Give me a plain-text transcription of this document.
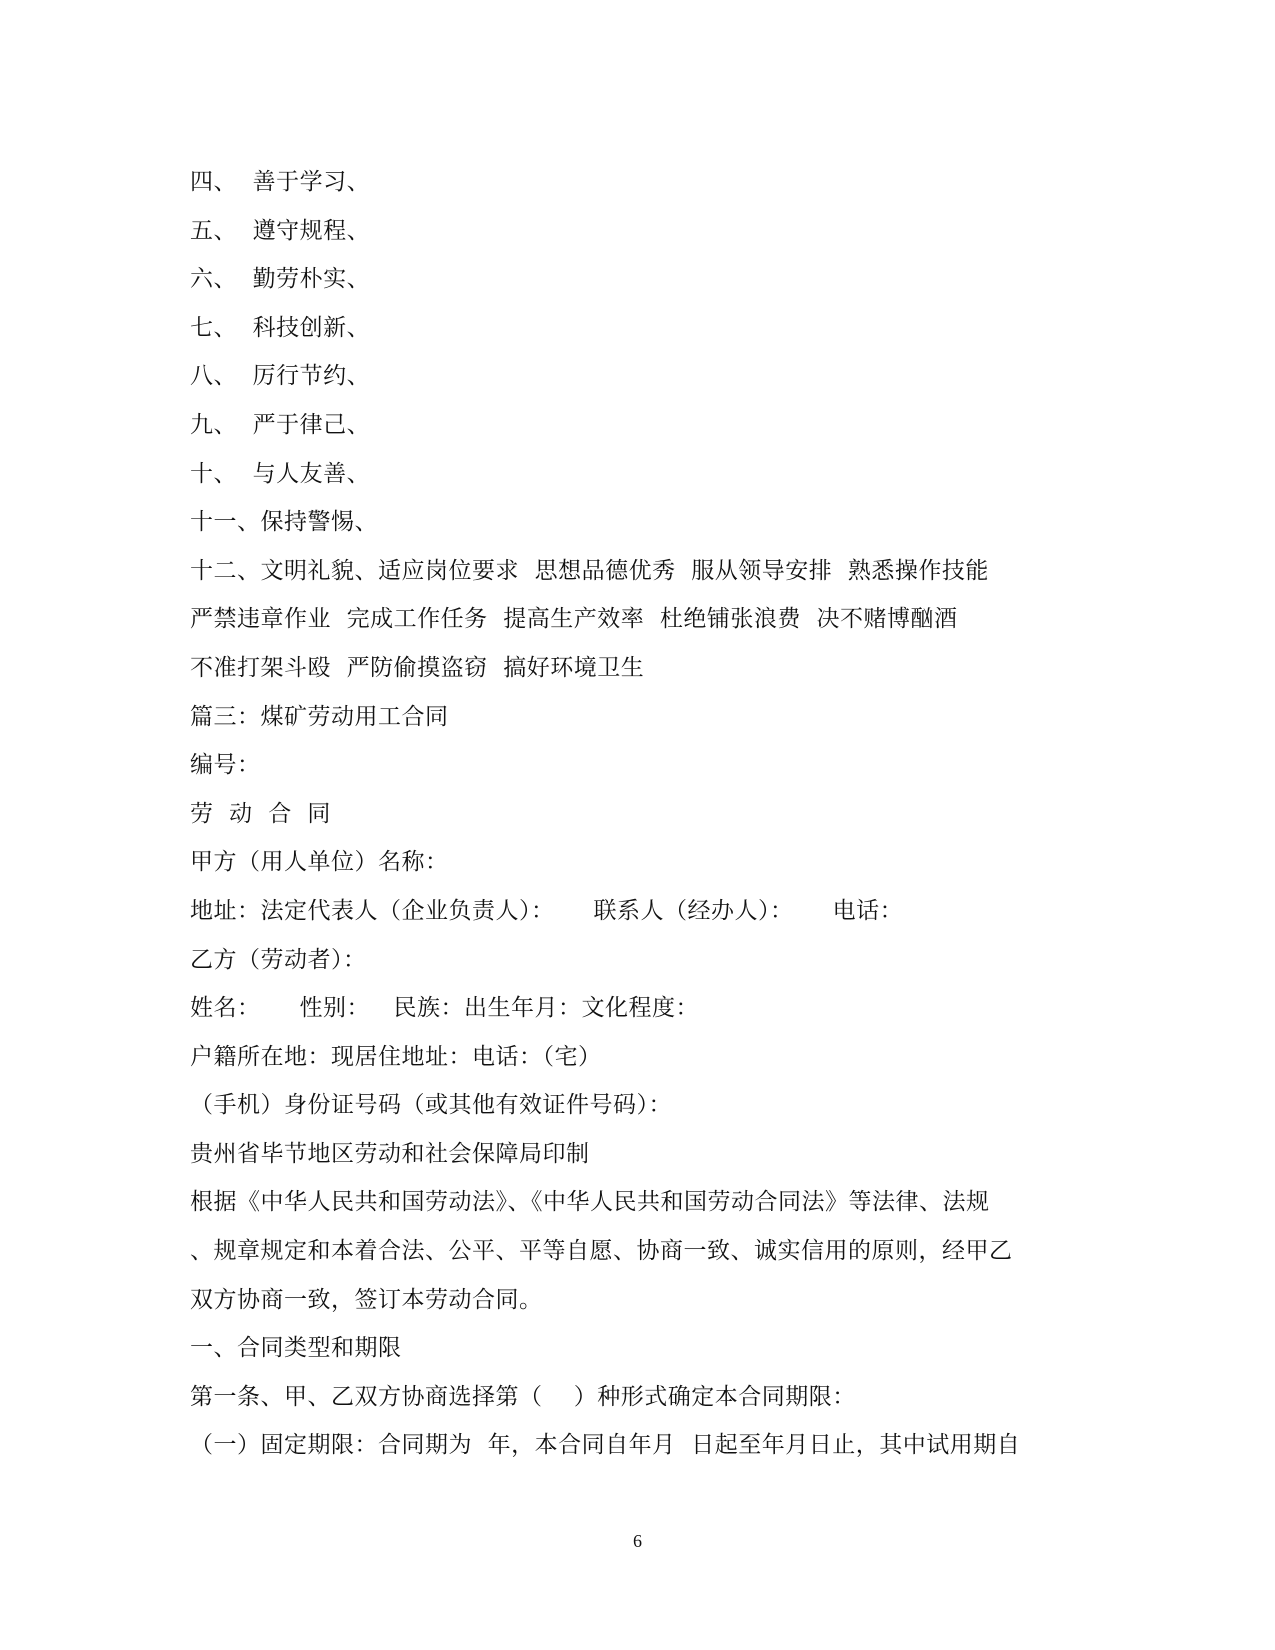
四、  善于学习、
五、  遵守规程、
六、  勤劳朴实、
七、  科技创新、
八、  厉行节约、
九、  严于律己、
十、  与人友善、
十一、保持警惕、
十二、文明礼貌、适应岗位要求  思想品德优秀  服从领导安排  熟悉操作技能
严禁违章作业  完成工作任务  提高生产效率  杜绝铺张浪费  决不赌博酗酒
不准打架斗殴  严防偷摸盗窃  搞好环境卫生
篇三：煤矿劳动用工合同
编号：
劳  动  合  同
甲方（用人单位）名称：
地址：法定代表人（企业负责人）：     联系人（经办人）：     电话：
乙方（劳动者）：
姓名：     性别：   民族：出生年月：文化程度：
户籍所在地：现居住地址：电话：（宅）
（手机）身份证号码（或其他有效证件号码）：
贵州省毕节地区劳动和社会保障局印制
根据《中华人民共和国劳动法》、《中华人民共和国劳动合同法》等法律、法规
、规章规定和本着合法、公平、平等自愿、协商一致、诚实信用的原则，经甲乙
双方协商一致，签订本劳动合同。
一、合同类型和期限
第一条、甲、乙双方协商选择第（    ）种形式确定本合同期限：
（一）固定期限：合同期为  年，本合同自年月  日起至年月日止，其中试用期自
6
